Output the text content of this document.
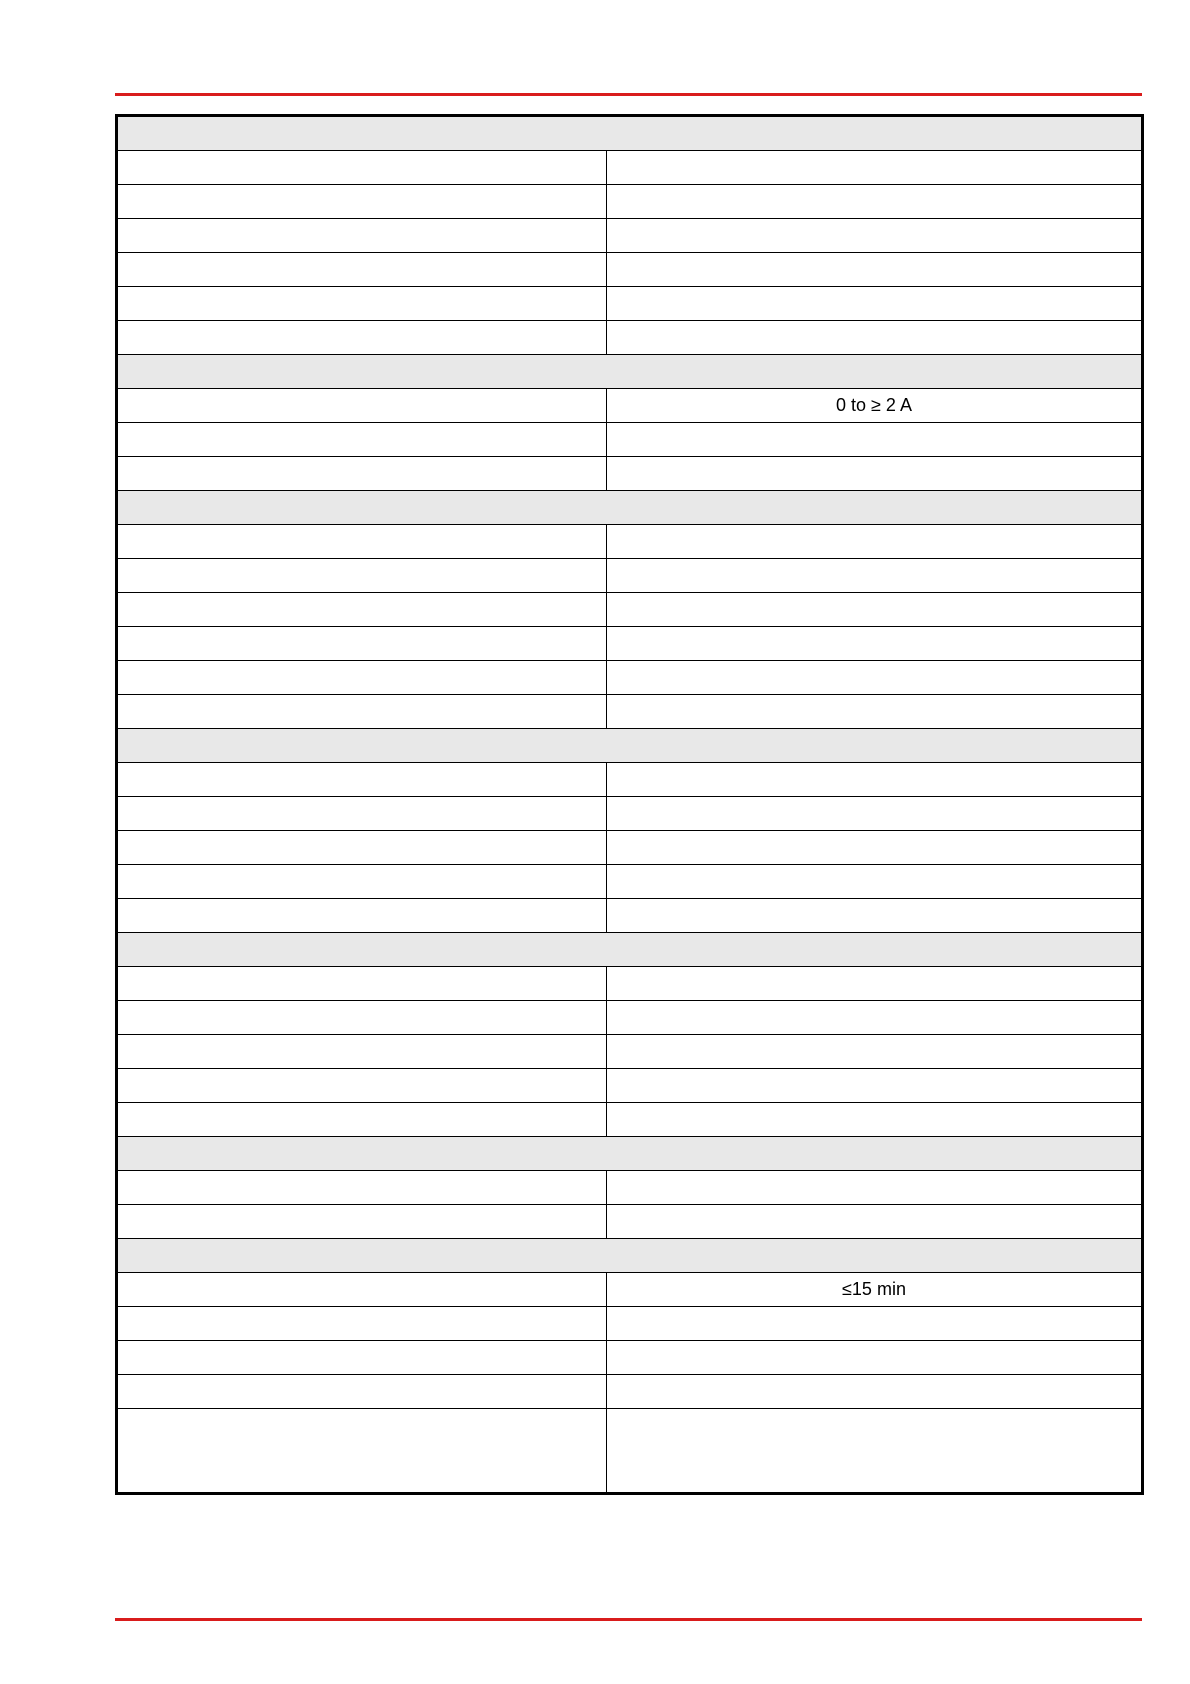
	0 to ≥ 2 A

	≤15 min
